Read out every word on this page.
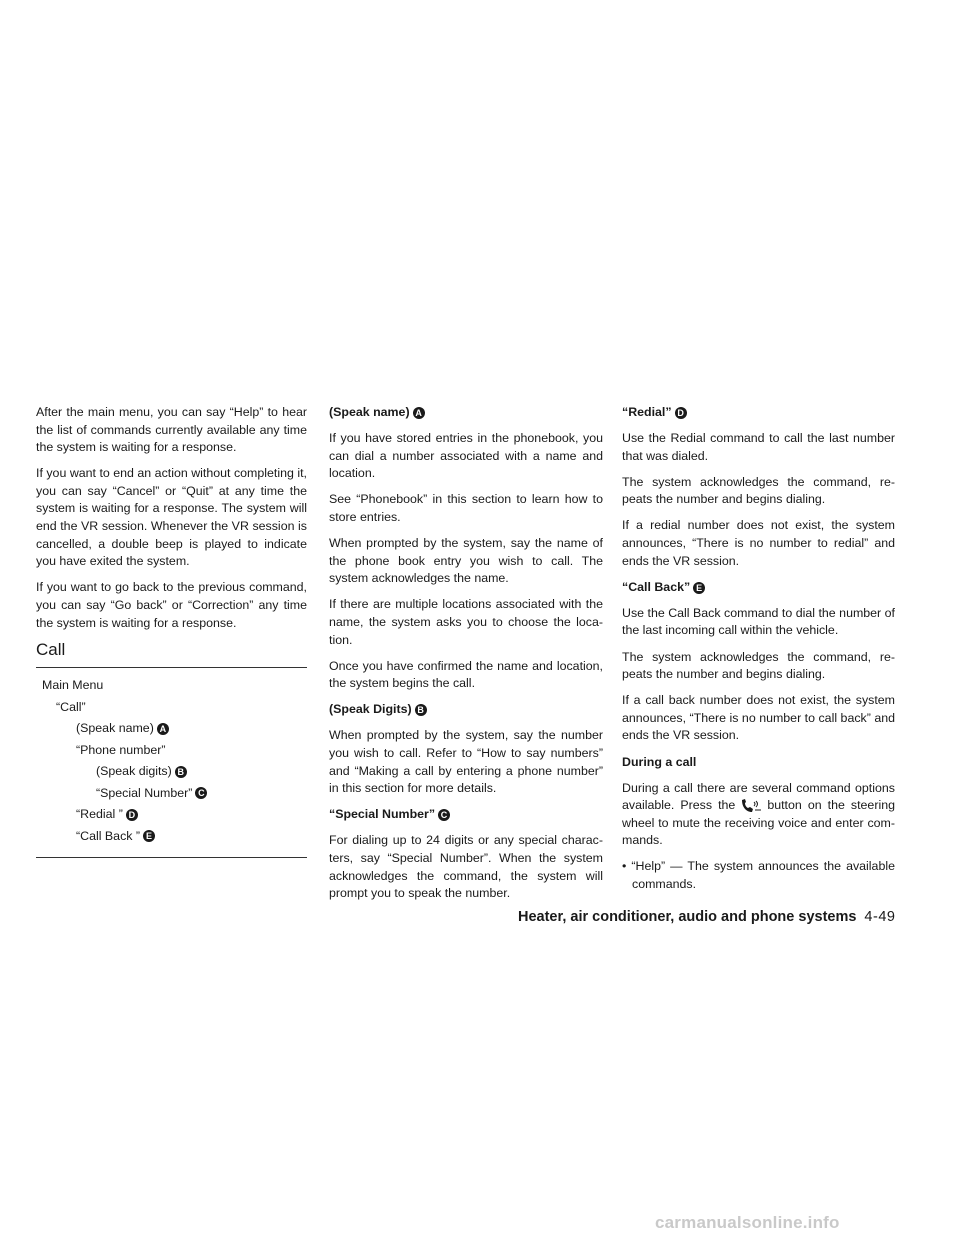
After the main menu, you can say “Help” to hear the list of commands currently available any time the system is waiting for a response.

If you want to end an action without completing it, you can say “Cancel” or “Quit” at any time the system is waiting for a response. The system will end the VR session. Whenever the VR session is cancelled, a double beep is played to indicate you have exited the system.

If you want to go back to the previous command, you can say “Go back” or “Correction” any time the system is waiting for a response.

Call
Main Menu
“Call”
(Speak name) A
“Phone number”
(Speak digits) B
“Special Number” C
“Redial ” D
“Call Back ” E
(Speak name) A

If you have stored entries in the phonebook, you can dial a number associated with a name and location.

See “Phonebook” in this section to learn how to store entries.

When prompted by the system, say the name of the phone book entry you wish to call. The system acknowledges the name.

If there are multiple locations associated with the name, the system asks you to choose the loca-tion.

Once you have confirmed the name and location, the system begins the call.

(Speak Digits) B

When prompted by the system, say the number you wish to call. Refer to “How to say numbers” and “Making a call by entering a phone number” in this section for more details.

“Special Number” C

For dialing up to 24 digits or any special charac-ters, say “Special Number”. When the system acknowledges the command, the system will prompt you to speak the number.

“Redial” D

Use the Redial command to call the last number that was dialed.

The system acknowledges the command, re-peats the number and begins dialing.

If a redial number does not exist, the system announces, “There is no number to redial” and ends the VR session.

“Call Back” E

Use the Call Back command to dial the number of the last incoming call within the vehicle.

The system acknowledges the command, re-peats the number and begins dialing.

If a call back number does not exist, the system announces, “There is no number to call back” and ends the VR session.

During a call

During a call there are several command options available. Press the	button on the steering wheel to mute the receiving voice and enter com-mands.

• “Help” — The system announces the available commands.

Heater, air conditioner, audio and phone systems 4-49
carmanualsonline.info
